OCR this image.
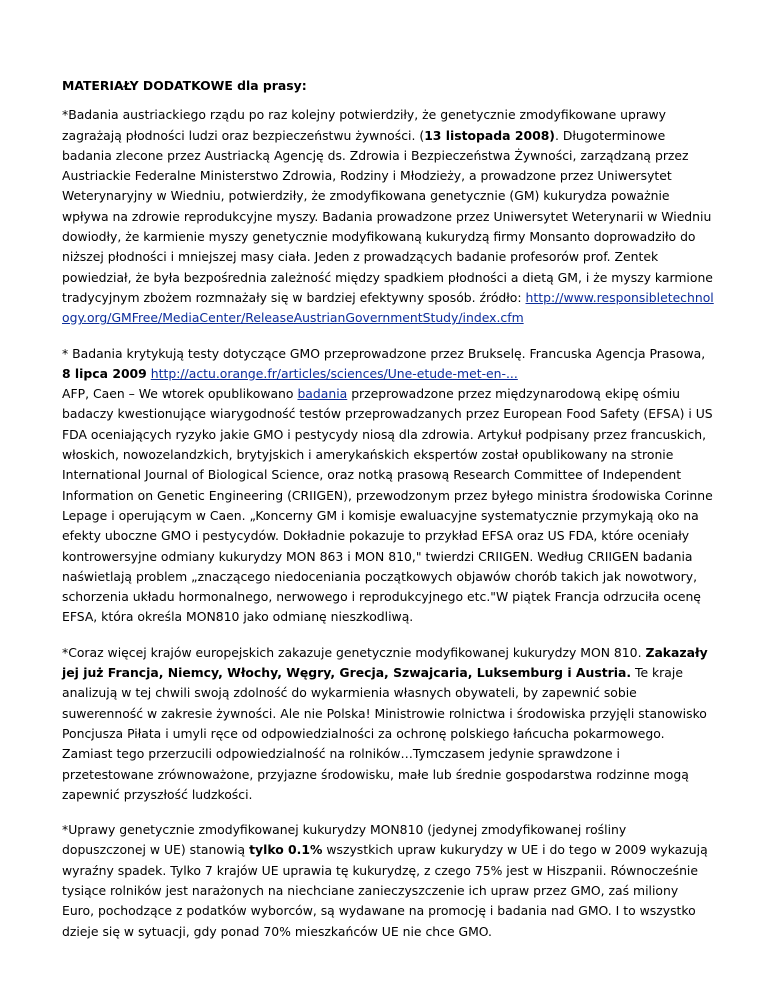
MATERIAŁY DODATKOWE dla prasy:

*Badania austriackiego rządu po raz kolejny potwierdziły, że genetycznie zmodyfikowane uprawy zagrażają płodności ludzi oraz bezpieczeństwu żywności. (13 listopada 2008). Długoterminowe badania zlecone przez Austriacką Agencję ds. Zdrowia i Bezpieczeństwa Żywności, zarządzaną przez Austriackie Federalne Ministerstwo Zdrowia, Rodziny i Młodzieży, a prowadzone przez Uniwersytet Weterynaryjny w Wiedniu, potwierdziły, że zmodyfikowana genetycznie (GM) kukurydza poważnie wpływa na zdrowie reprodukcyjne myszy. Badania prowadzone przez Uniwersytet Weterynarii w Wiedniu dowiodły, że karmienie myszy genetycznie modyfikowaną kukurydzą firmy Monsanto doprowadziło do niższej płodności i mniejszej masy ciała. Jeden z prowadzących badanie profesorów prof. Zentek powiedział, że była bezpośrednia zależność między spadkiem płodności a dietą GM, i że myszy karmione tradycyjnym zbożem rozmnażały się w bardziej efektywny sposób. źródło: http://www.responsibletechnology.org/GMFree/MediaCenter/ReleaseAustrianGovernmentStudy/index.cfm

* Badania krytykują testy dotyczące GMO przeprowadzone przez Brukselę. Francuska Agencja Prasowa, 8 lipca 2009 http://actu.orange.fr/articles/sciences/Une-etude-met-en-...
AFP, Caen – We wtorek opublikowano badania przeprowadzone przez międzynarodową ekipę ośmiu badaczy kwestionujące wiarygodność testów przeprowadzanych przez European Food Safety (EFSA) i US FDA oceniających ryzyko jakie GMO i pestycydy niosą dla zdrowia. Artykuł podpisany przez francuskich, włoskich, nowozelandzkich, brytyjskich i amerykańskich ekspertów został opublikowany na stronie International Journal of Biological Science, oraz notką prasową Research Committee of Independent Information on Genetic Engineering (CRIIGEN), przewodzonym przez byłego ministra środowiska Corinne Lepage i operującym w Caen. „Koncerny GM i komisje ewaluacyjne systematycznie przymykają oko na efekty uboczne GMO i pestycydów. Dokładnie pokazuje to przykład EFSA oraz US FDA, które oceniały kontrowersyjne odmiany kukurydzy MON 863 i MON 810," twierdzi CRIIGEN. Według CRIIGEN badania naświetlają problem „znaczącego niedoceniania początkowych objawów chorób takich jak nowotwory, schorzenia układu hormonalnego, nerwowego i reprodukcyjnego etc."W piątek Francja odrzuciła ocenę EFSA, która określa MON810 jako odmianę nieszkodliwą.

*Coraz więcej krajów europejskich zakazuje genetycznie modyfikowanej kukurydzy MON 810. Zakazały jej już Francja, Niemcy, Włochy, Węgry, Grecja, Szwajcaria, Luksemburg i Austria. Te kraje analizują w tej chwili swoją zdolność do wykarmienia własnych obywateli, by zapewnić sobie suwerenność w zakresie żywności. Ale nie Polska! Ministrowie rolnictwa i środowiska przyjęli stanowisko Poncjusza Piłata i umyli ręce od odpowiedzialności za ochronę polskiego łańcucha pokarmowego. Zamiast tego przerzucili odpowiedzialność na rolników…Tymczasem jedynie sprawdzone i przetestowane zrównoważone, przyjazne środowisku, małe lub średnie gospodarstwa rodzinne mogą zapewnić przyszłość ludzkości.

*Uprawy genetycznie zmodyfikowanej kukurydzy MON810 (jedynej zmodyfikowanej rośliny dopuszczonej w UE) stanowią tylko 0.1% wszystkich upraw kukurydzy w UE i do tego w 2009 wykazują wyraźny spadek. Tylko 7 krajów UE uprawia tę kukurydzę, z czego 75% jest w Hiszpanii. Równocześnie tysiące rolników jest narażonych na niechciane zanieczyszczenie ich upraw przez GMO, zaś miliony Euro, pochodzące z podatków wyborców, są wydawane na promocję i badania nad GMO. I to wszystko dzieje się w sytuacji, gdy ponad 70% mieszkańców UE nie chce GMO.
